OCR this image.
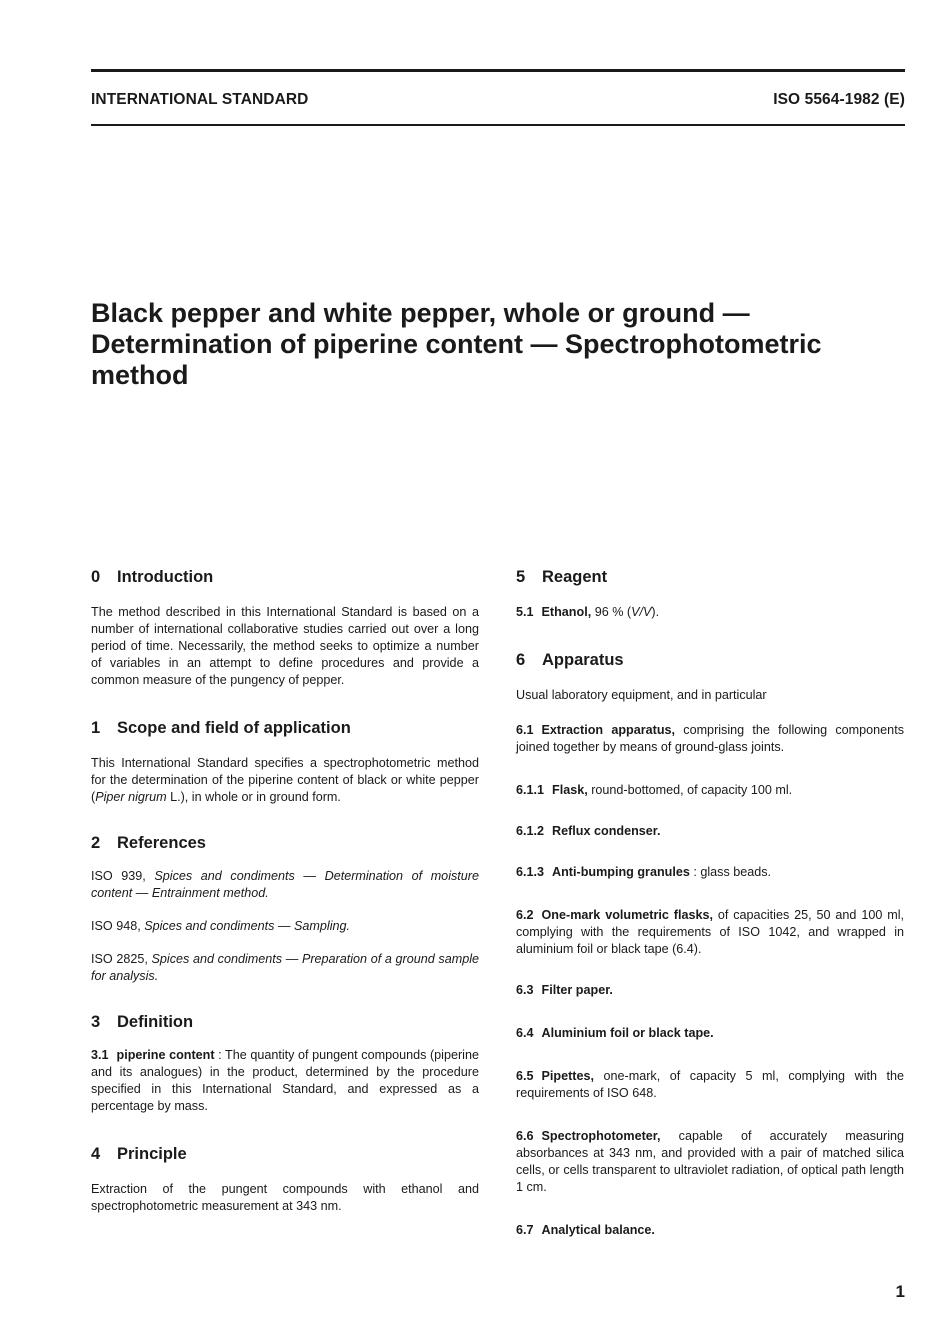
INTERNATIONAL STANDARD	ISO 5564-1982 (E)
Black pepper and white pepper, whole or ground —
Determination of piperine content — Spectrophotometric
method
0 Introduction

The method described in this International Standard is based on a number of international collaborative studies carried out over a long period of time. Necessarily, the method seeks to optimize a number of variables in an attempt to define procedures and provide a common measure of the pungency of pepper.

1 Scope and field of application

This International Standard specifies a spectrophotometric method for the determination of the piperine content of black or white pepper (Piper nigrum L.), in whole or in ground form.

2 References

ISO 939, Spices and condiments — Determination of moisture content — Entrainment method.

ISO 948, Spices and condiments — Sampling.

ISO 2825, Spices and condiments — Preparation of a ground sample for analysis.

3 Definition

3.1 piperine content : The quantity of pungent compounds (piperine and its analogues) in the product, determined by the procedure specified in this International Standard, and expressed as a percentage by mass.

4 Principle

Extraction of the pungent compounds with ethanol and spectrophotometric measurement at 343 nm.

5 Reagent

5.1 Ethanol, 96 % (V/V).

6 Apparatus

Usual laboratory equipment, and in particular

6.1 Extraction apparatus, comprising the following components joined together by means of ground-glass joints.

6.1.1 Flask, round-bottomed, of capacity 100 ml.

6.1.2 Reflux condenser.

6.1.3 Anti-bumping granules : glass beads.

6.2 One-mark volumetric flasks, of capacities 25, 50 and 100 ml, complying with the requirements of ISO 1042, and wrapped in aluminium foil or black tape (6.4).

6.3 Filter paper.

6.4 Aluminium foil or black tape.

6.5 Pipettes, one-mark, of capacity 5 ml, complying with the requirements of ISO 648.

6.6 Spectrophotometer, capable of accurately measuring absorbances at 343 nm, and provided with a pair of matched silica cells, or cells transparent to ultraviolet radiation, of optical path length 1 cm.

6.7 Analytical balance.

1
